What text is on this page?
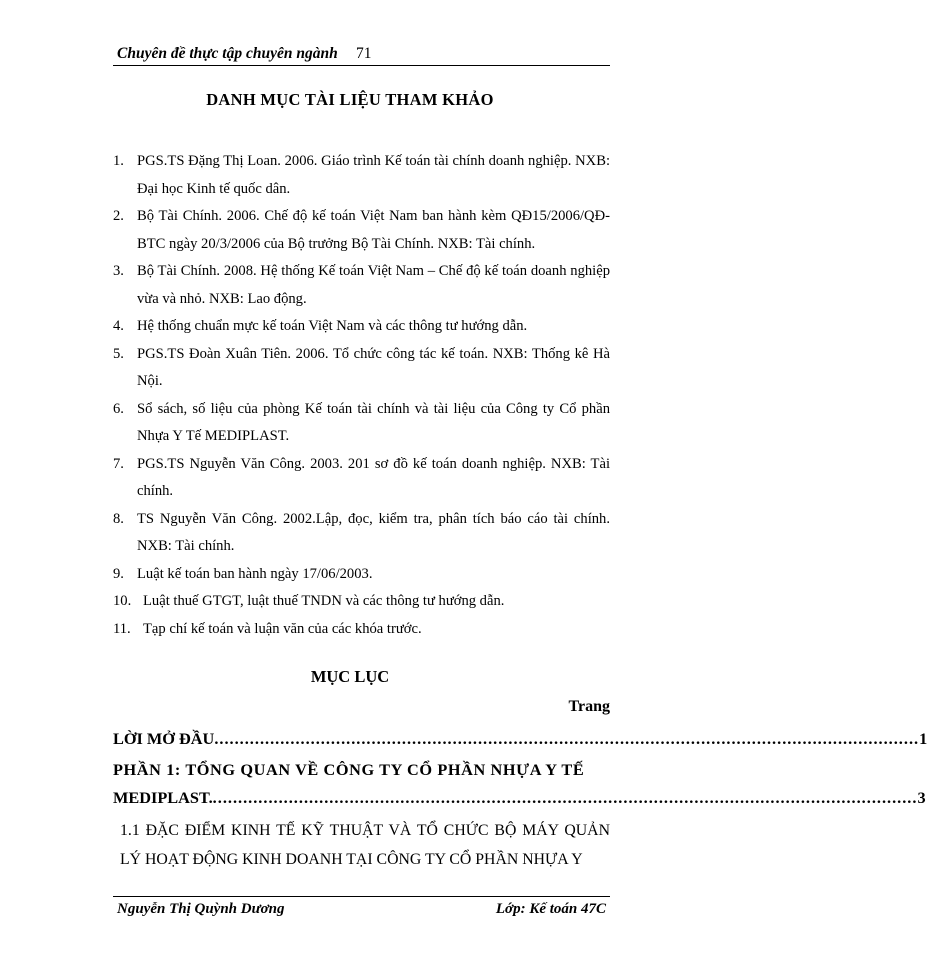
Chuyên đề thực tập chuyên ngành 71
DANH MỤC TÀI LIỆU THAM KHẢO
1. PGS.TS Đặng Thị Loan. 2006. Giáo trình Kế toán tài chính doanh nghiệp. NXB: Đại học Kinh tế quốc dân.
2. Bộ Tài Chính. 2006. Chế độ kế toán Việt Nam ban hành kèm QĐ15/2006/QĐ-BTC ngày 20/3/2006 của Bộ trưởng Bộ Tài Chính. NXB: Tài chính.
3. Bộ Tài Chính. 2008. Hệ thống Kế toán Việt Nam – Chế độ kế toán doanh nghiệp vừa và nhỏ. NXB: Lao động.
4. Hệ thống chuẩn mực kế toán Việt Nam và các thông tư hướng dẫn.
5. PGS.TS Đoàn Xuân Tiên. 2006. Tổ chức công tác kế toán. NXB: Thống kê Hà Nội.
6. Sổ sách, số liệu của phòng Kế toán tài chính và tài liệu của Công ty Cổ phần Nhựa Y Tế MEDIPLAST.
7. PGS.TS Nguyễn Văn Công. 2003. 201 sơ đồ kế toán doanh nghiệp. NXB: Tài chính.
8. TS Nguyễn Văn Công. 2002.Lập, đọc, kiểm tra, phân tích báo cáo tài chính. NXB: Tài chính.
9. Luật kế toán ban hành ngày 17/06/2003.
10. Luật thuế GTGT, luật thuế TNDN và các thông tư hướng dẫn.
11. Tạp chí kế toán và luận văn của các khóa trước.
MỤC LỤC
Trang
LỜI MỞ ĐẦU ........................................................................................................................................... 1
PHẦN 1: TỔNG QUAN VỀ CÔNG TY CỔ PHẦN NHỰA Y TẾ
MEDIPLAST. ........................................................................................................................................... 3
1.1 ĐẶC ĐIỂM KINH TẾ KỸ THUẬT VÀ TỔ CHỨC BỘ MÁY QUẢN LÝ HOẠT ĐỘNG KINH DOANH TẠI CÔNG TY CỔ PHẦN NHỰA Y
Nguyễn Thị Quỳnh Dương	Lớp: Kế toán 47C
